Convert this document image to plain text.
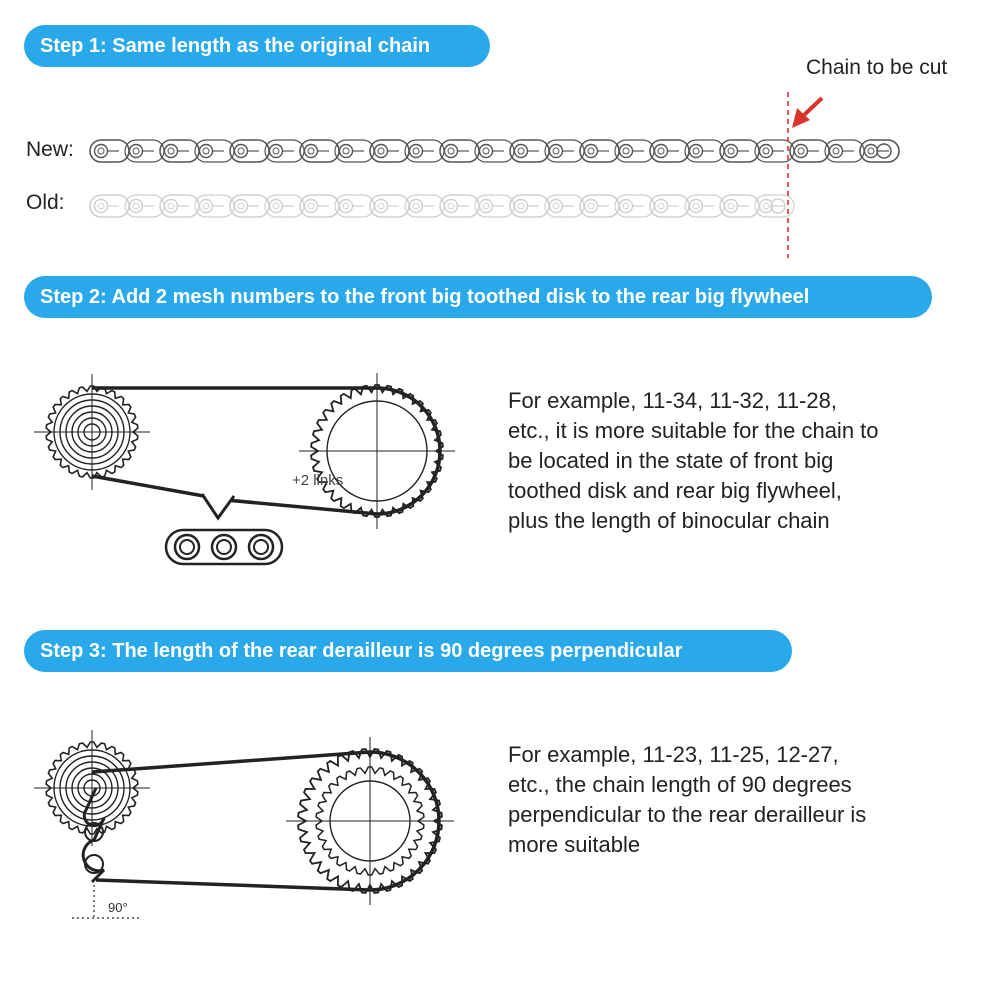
Step 1: Same length as the original chain
Step 2: Add 2 mesh numbers to the front big toothed disk to the rear big flywheel
Step 3: The length of the rear derailleur is 90 degrees perpendicular
New:
Old:
Chain to be cut
For example, 11-34, 11-32, 11-28,
etc., it is more suitable for the chain to
be located in the state of front big
toothed disk and rear big flywheel,
plus the length of binocular chain
For example, 11-23, 11-25, 12-27,
etc., the chain length of 90 degrees
perpendicular to the rear derailleur is
more suitable
+2 links
90°
